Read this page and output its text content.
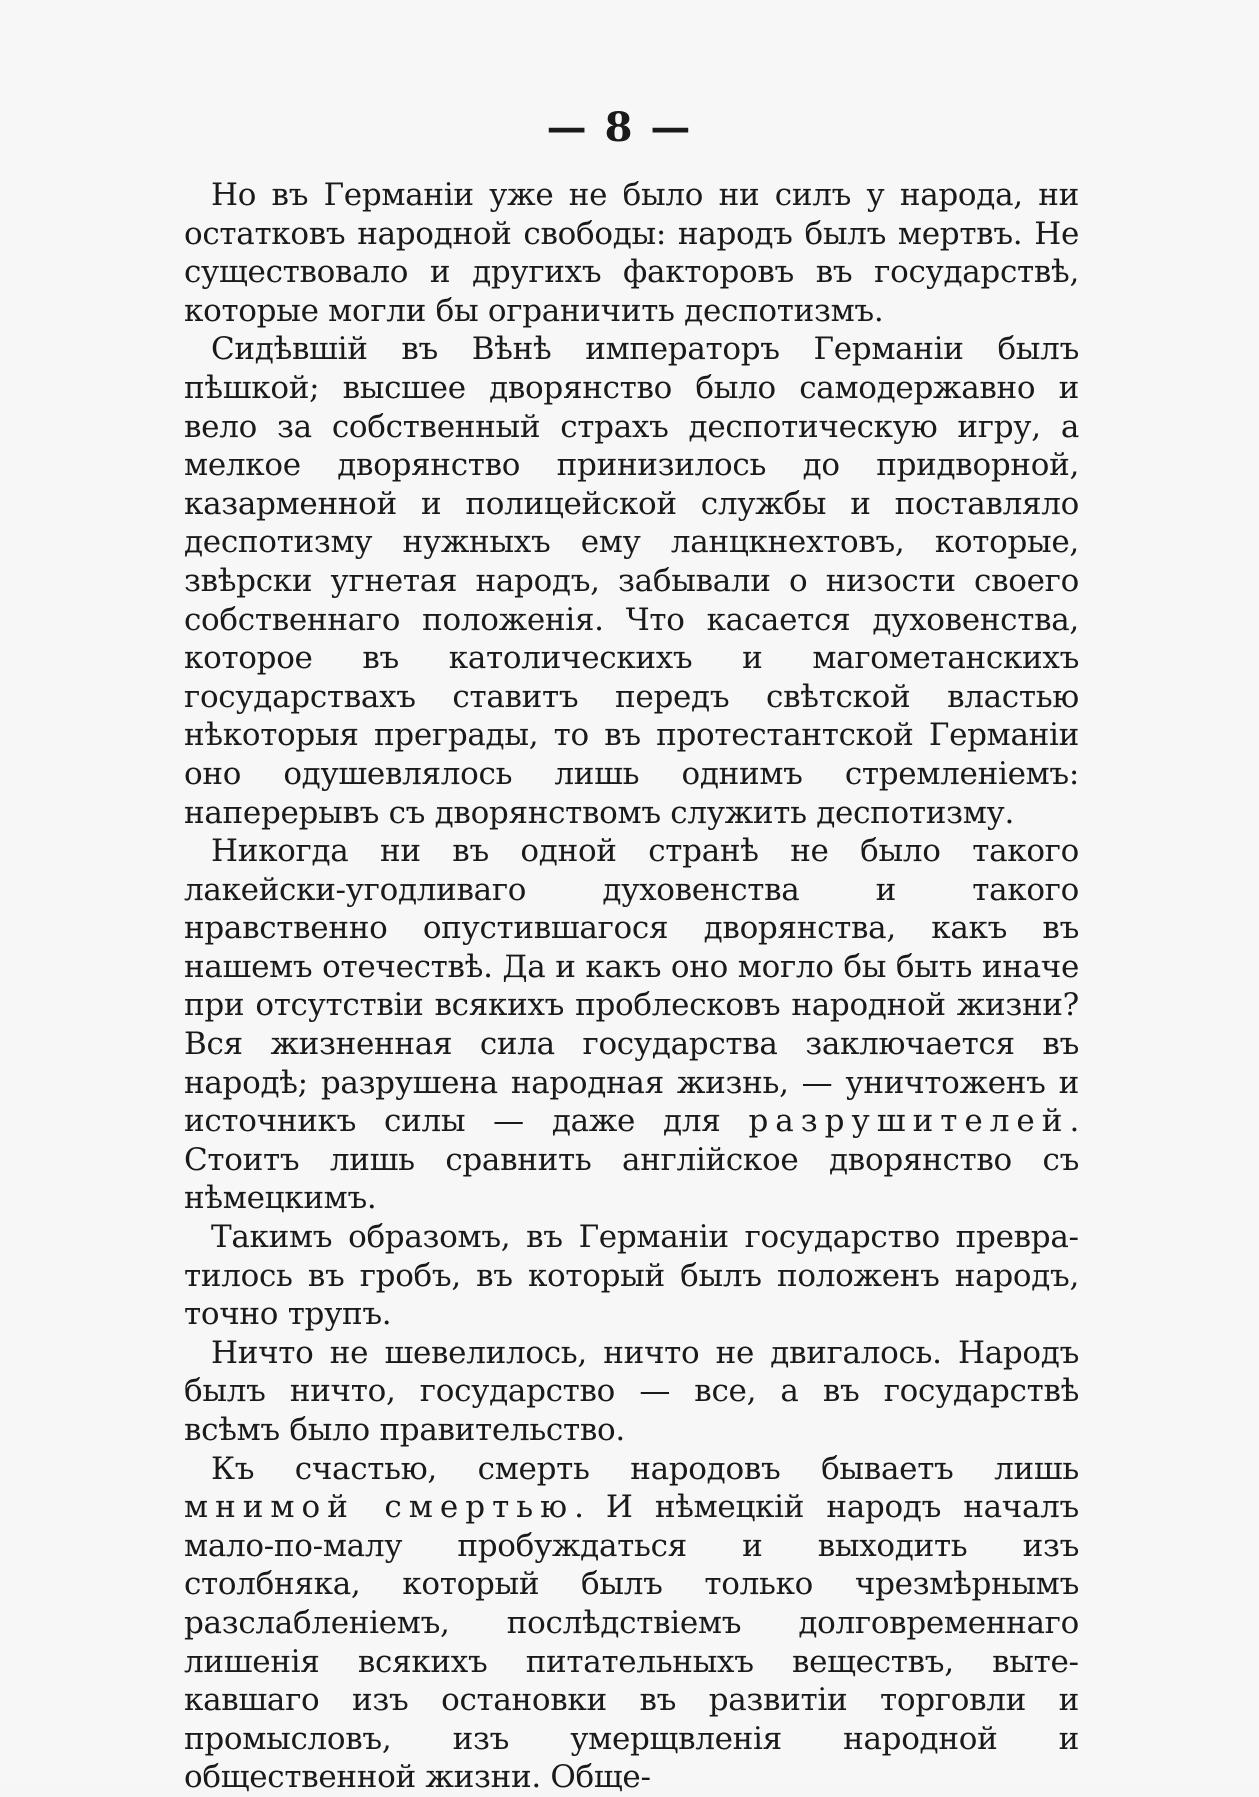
— 8 —

Но въ Германіи уже не было ни силъ у народа, ни остатковъ народной свободы: народъ былъ мертвъ. Не существовало и другихъ факторовъ въ государствѣ, которые могли бы ограничить деспотизмъ.

Сидѣвшій въ Вѣнѣ императоръ Германіи былъ пѣшкой; высшее дворянство было самодержавно и вело за собственный страхъ деспотическую игру, а мелкое дворянство принизилось до придворной, казарменной и полицейской службы и поставляло деспотизму нужныхъ ему ланцкнехтовъ, которые, звѣрски угнетая народъ, забывали о низости своего собственнаго положенія. Что касается духовенства, которое въ католическихъ и магометанскихъ государствахъ ставитъ передъ свѣтской властью нѣкоторыя преграды, то въ протестантской Германіи оно одушевлялось лишь однимъ стремленіемъ: наперерывъ съ дворянствомъ служить деспотизму.

Никогда ни въ одной странѣ не было такого лакейски-угодливаго духовенства и такого нравственно опустившагося дворянства, какъ въ нашемъ отечествѣ. Да и какъ оно могло бы быть иначе при отсутствіи всякихъ проблесковъ народной жизни? Вся жизненная сила государства заключается въ народѣ; разрушена народная жизнь, — уничтоженъ и источникъ силы — даже для разрушителей. Стоитъ лишь сравнить англійское дворянство съ нѣмецкимъ.

Такимъ образомъ, въ Германіи государство превратилось въ гробъ, въ который былъ положенъ народъ, точно трупъ.

Ничто не шевелилось, ничто не двигалось. Народъ былъ ничто, государство — все, а въ государствѣ всѣмъ было правительство.

Къ счастью, смерть народовъ бываетъ лишь мнимой смертью. И нѣмецкій народъ началъ мало-по-малу пробуждаться и выходить изъ столбняка, который былъ только чрезмѣрнымъ разслабленіемъ, послѣдствіемъ долговременнаго лишенія всякихъ питательныхъ веществъ, вытекавшаго изъ остановки въ развитіи торговли и промысловъ, изъ умерщвленія народной и общественной жизни. Обще-
